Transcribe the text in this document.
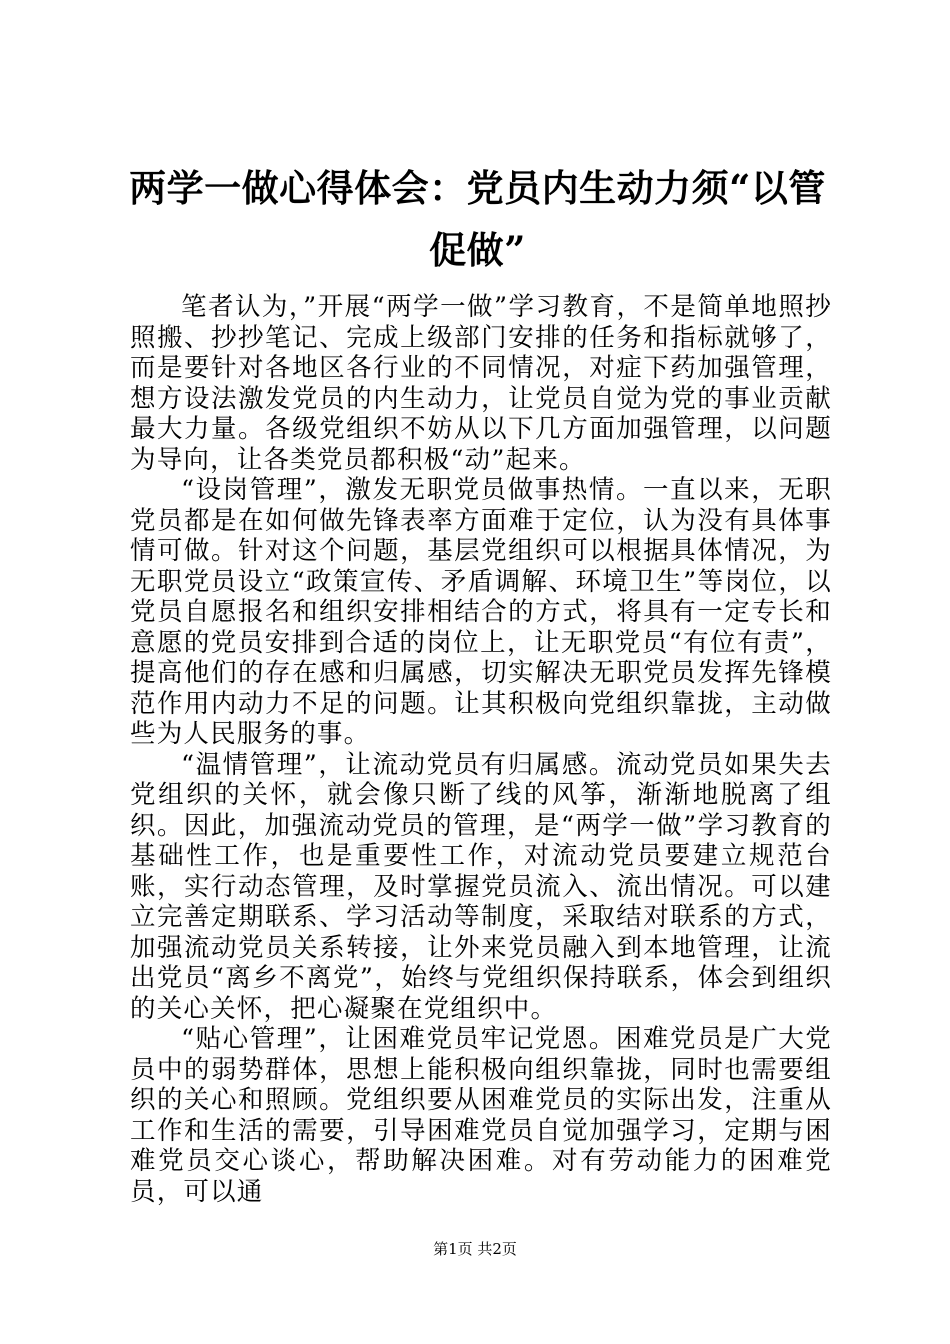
两学一做心得体会：党员内生动力须“以管促做”

笔者认为，”开展“两学一做”学习教育，不是简单地照抄照搬、抄抄笔记、完成上级部门安排的任务和指标就够了，而是要针对各地区各行业的不同情况，对症下药加强管理，想方设法激发党员的内生动力，让党员自觉为党的事业贡献最大力量。各级党组织不妨从以下几方面加强管理，以问题为导向，让各类党员都积极“动”起来。

“设岗管理”，激发无职党员做事热情。一直以来，无职党员都是在如何做先锋表率方面难于定位，认为没有具体事情可做。针对这个问题，基层党组织可以根据具体情况，为无职党员设立“政策宣传、矛盾调解、环境卫生”等岗位，以党员自愿报名和组织安排相结合的方式，将具有一定专长和意愿的党员安排到合适的岗位上，让无职党员“有位有责”，提高他们的存在感和归属感，切实解决无职党员发挥先锋模范作用内动力不足的问题。让其积极向党组织靠拢，主动做些为人民服务的事。

“温情管理”，让流动党员有归属感。流动党员如果失去党组织的关怀，就会像只断了线的风筝，渐渐地脱离了组织。因此，加强流动党员的管理，是“两学一做”学习教育的基础性工作，也是重要性工作，对流动党员要建立规范台账，实行动态管理，及时掌握党员流入、流出情况。可以建立完善定期联系、学习活动等制度，采取结对联系的方式，加强流动党员关系转接，让外来党员融入到本地管理，让流出党员“离乡不离党”，始终与党组织保持联系，体会到组织的关心关怀，把心凝聚在党组织中。

“贴心管理”，让困难党员牢记党恩。困难党员是广大党员中的弱势群体，思想上能积极向组织靠拢，同时也需要组织的关心和照顾。党组织要从困难党员的实际出发，注重从工作和生活的需要，引导困难党员自觉加强学习，定期与困难党员交心谈心，帮助解决困难。对有劳动能力的困难党员，可以通

第1页 共2页
